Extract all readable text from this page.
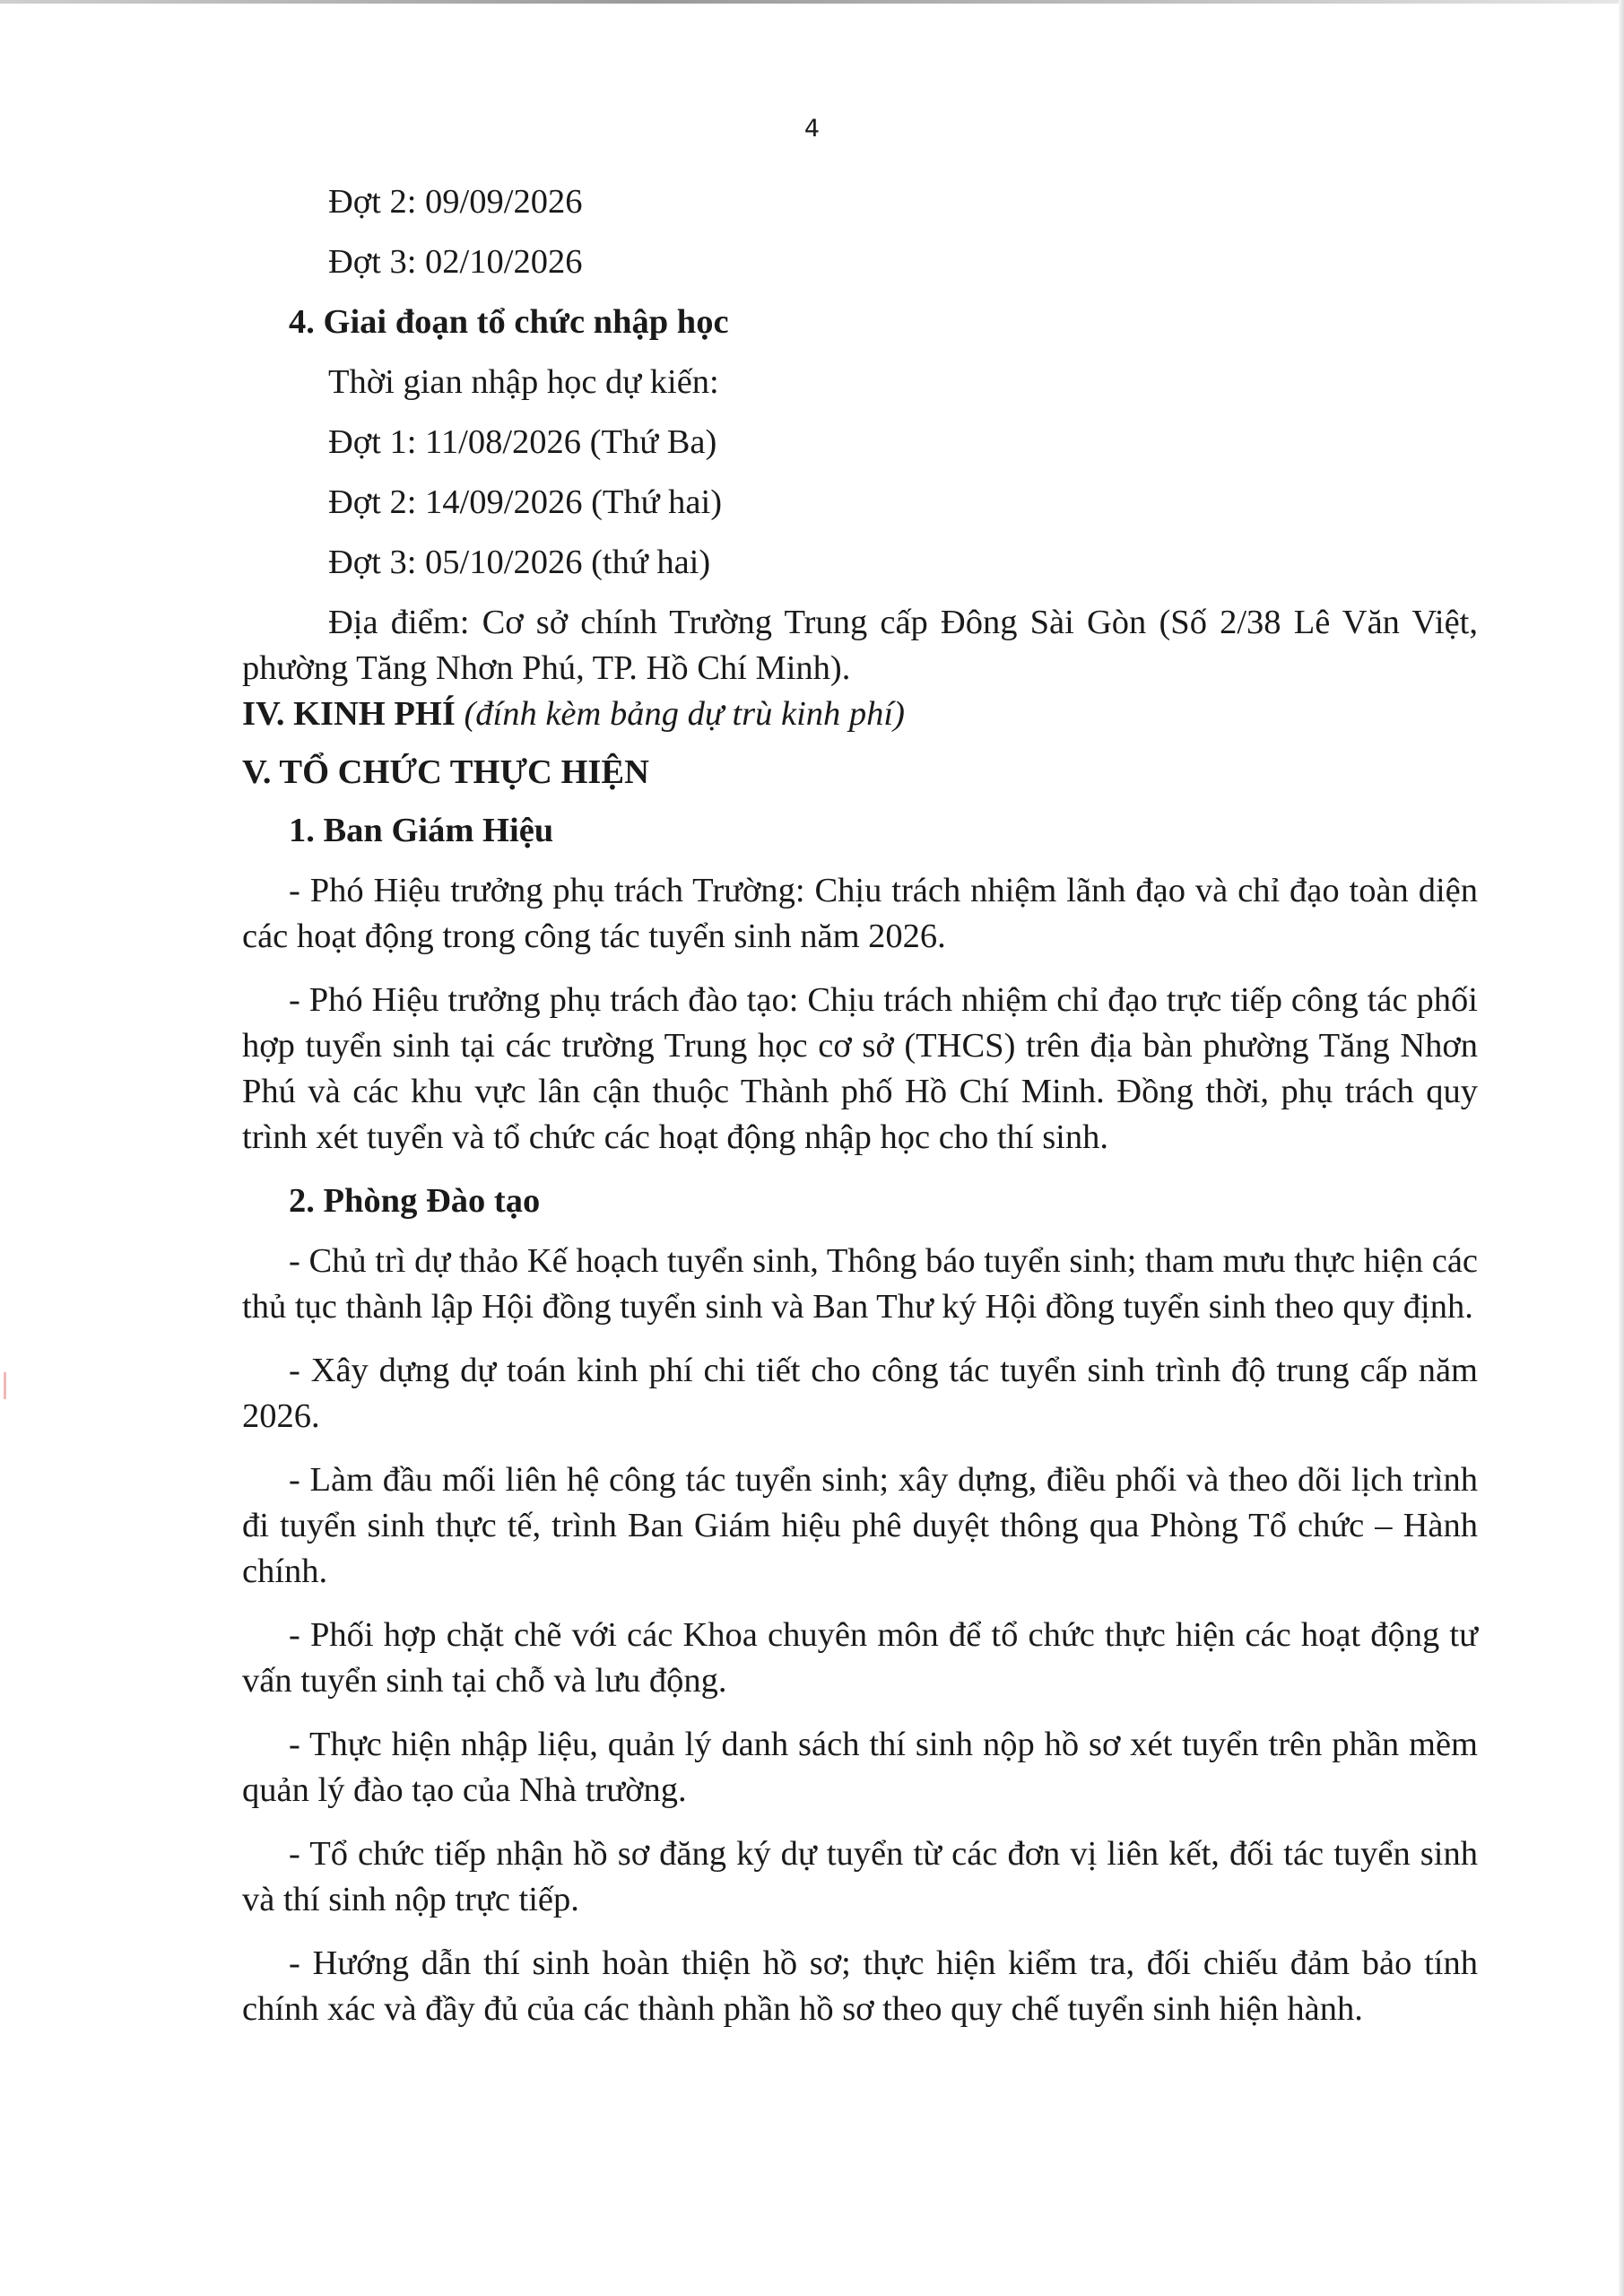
4

Đợt 2: 09/09/2026

Đợt 3: 02/10/2026

4. Giai đoạn tổ chức nhập học

Thời gian nhập học dự kiến:

Đợt 1: 11/08/2026 (Thứ Ba)

Đợt 2: 14/09/2026 (Thứ hai)

Đợt 3: 05/10/2026 (thứ hai)

Địa điểm: Cơ sở chính Trường Trung cấp Đông Sài Gòn (Số 2/38 Lê Văn Việt, phường Tăng Nhơn Phú, TP. Hồ Chí Minh).

IV. KINH PHÍ (đính kèm bảng dự trù kinh phí)

V. TỔ CHỨC THỰC HIỆN

1. Ban Giám Hiệu

- Phó Hiệu trưởng phụ trách Trường: Chịu trách nhiệm lãnh đạo và chỉ đạo toàn diện các hoạt động trong công tác tuyển sinh năm 2026.

- Phó Hiệu trưởng phụ trách đào tạo: Chịu trách nhiệm chỉ đạo trực tiếp công tác phối hợp tuyển sinh tại các trường Trung học cơ sở (THCS) trên địa bàn phường Tăng Nhơn Phú và các khu vực lân cận thuộc Thành phố Hồ Chí Minh. Đồng thời, phụ trách quy trình xét tuyển và tổ chức các hoạt động nhập học cho thí sinh.

2. Phòng Đào tạo

- Chủ trì dự thảo Kế hoạch tuyển sinh, Thông báo tuyển sinh; tham mưu thực hiện các thủ tục thành lập Hội đồng tuyển sinh và Ban Thư ký Hội đồng tuyển sinh theo quy định.

- Xây dựng dự toán kinh phí chi tiết cho công tác tuyển sinh trình độ trung cấp năm 2026.

- Làm đầu mối liên hệ công tác tuyển sinh; xây dựng, điều phối và theo dõi lịch trình đi tuyển sinh thực tế, trình Ban Giám hiệu phê duyệt thông qua Phòng Tổ chức – Hành chính.

- Phối hợp chặt chẽ với các Khoa chuyên môn để tổ chức thực hiện các hoạt động tư vấn tuyển sinh tại chỗ và lưu động.

- Thực hiện nhập liệu, quản lý danh sách thí sinh nộp hồ sơ xét tuyển trên phần mềm quản lý đào tạo của Nhà trường.

- Tổ chức tiếp nhận hồ sơ đăng ký dự tuyển từ các đơn vị liên kết, đối tác tuyển sinh và thí sinh nộp trực tiếp.

- Hướng dẫn thí sinh hoàn thiện hồ sơ; thực hiện kiểm tra, đối chiếu đảm bảo tính chính xác và đầy đủ của các thành phần hồ sơ theo quy chế tuyển sinh hiện hành.
